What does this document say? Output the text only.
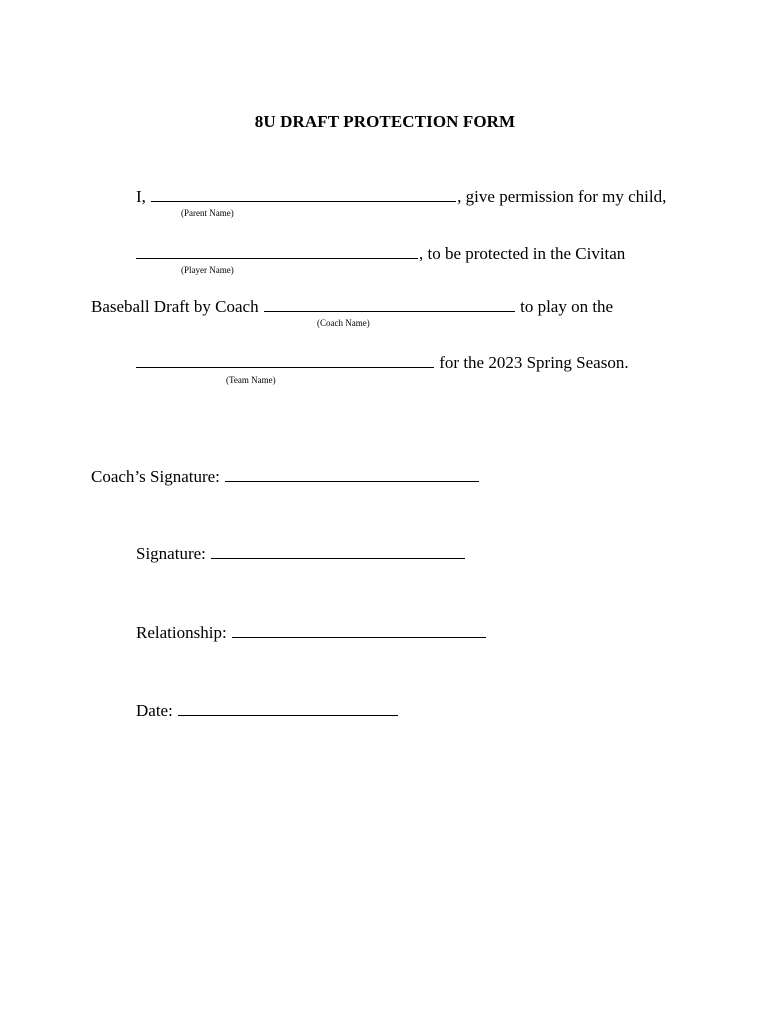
8U DRAFT PROTECTION FORM
I,	, give permission for my child,
(Parent Name)
, to be protected in the Civitan
(Player Name)
Baseball Draft by Coach	to play on the
(Coach Name)
for the 2023 Spring Season.
(Team Name)
Coach’s Signature:
Signature:
Relationship:
Date:
